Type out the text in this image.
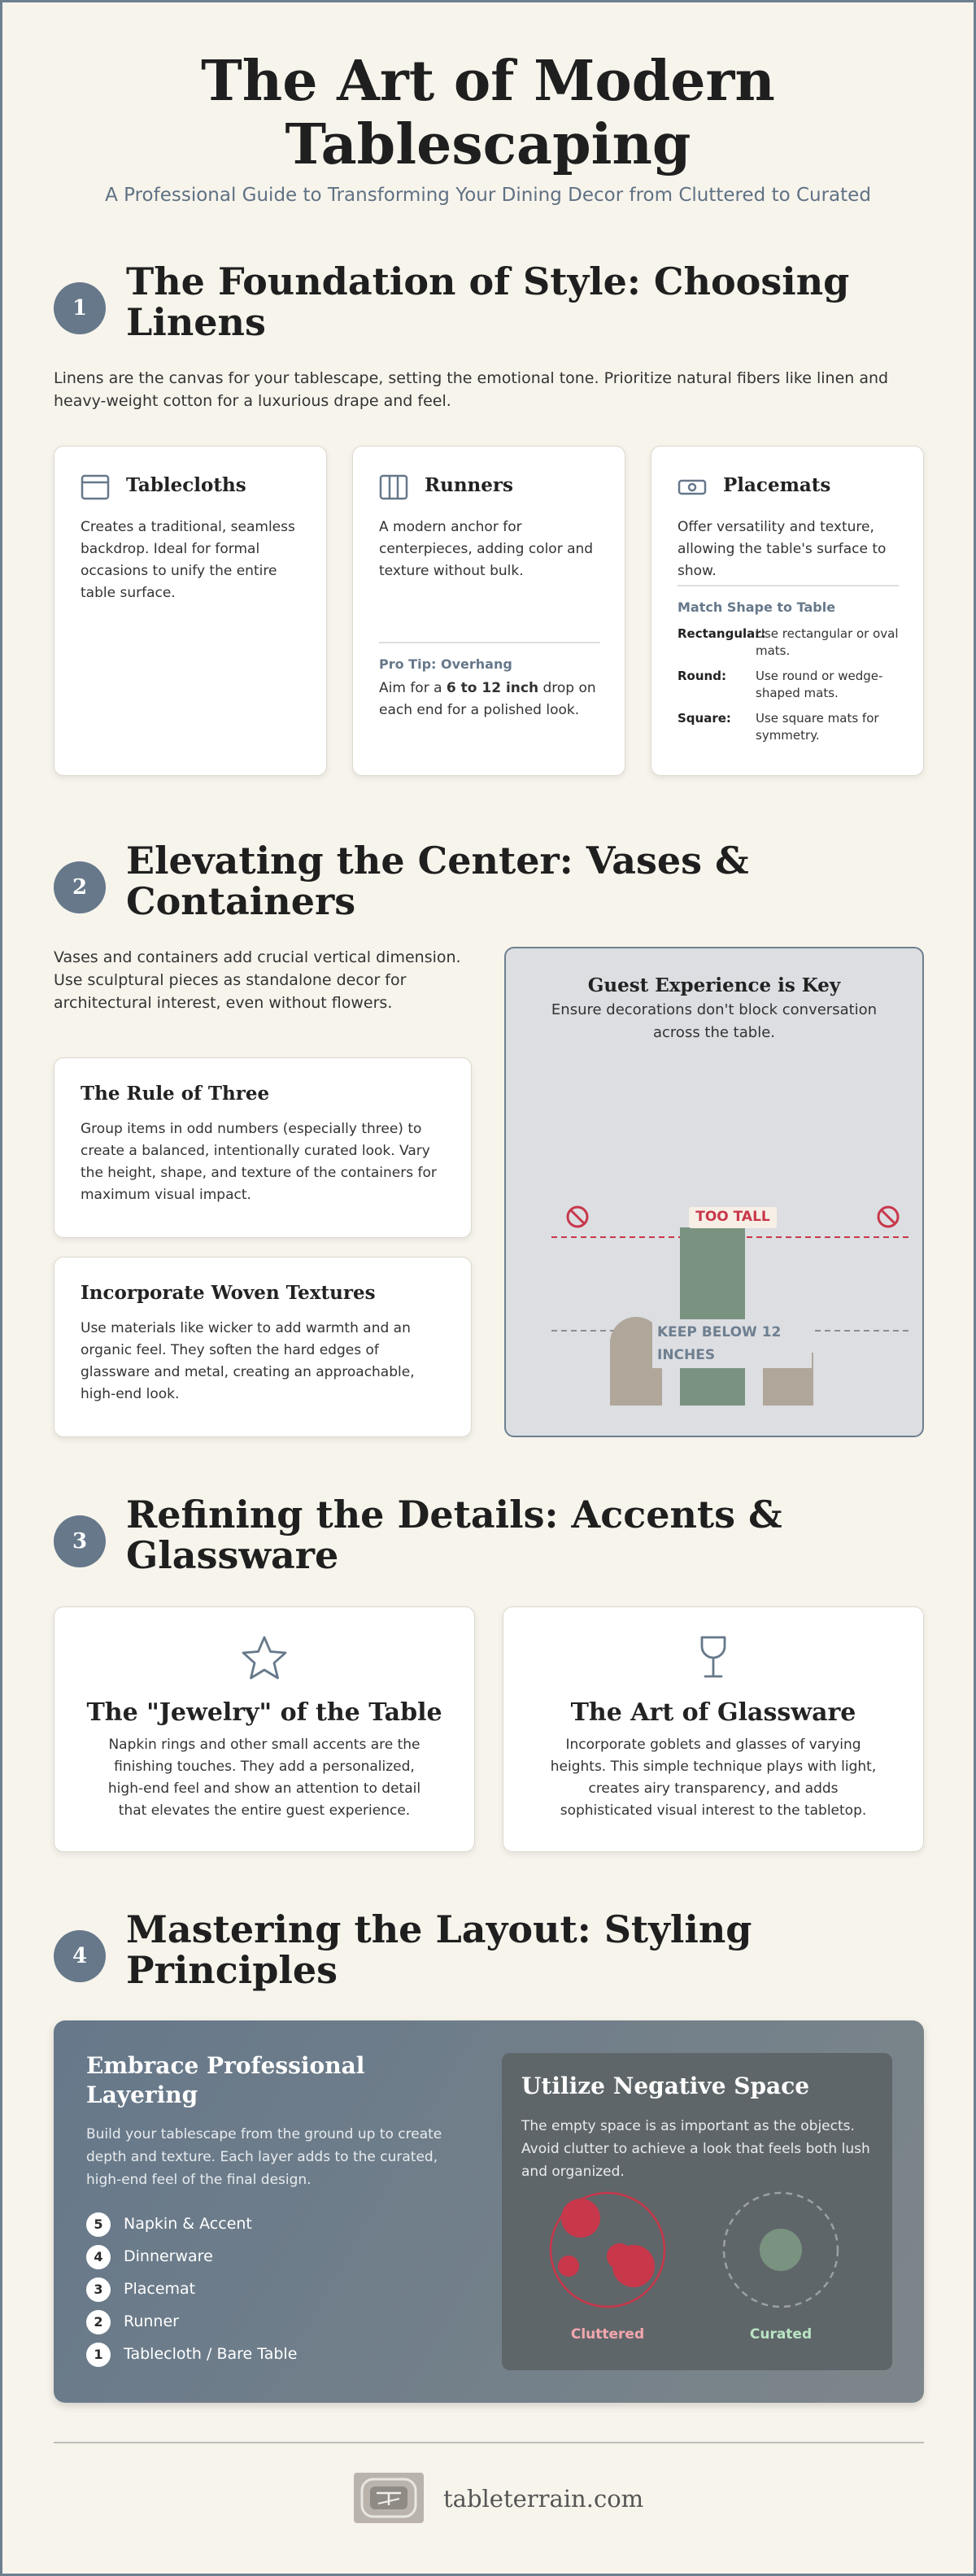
The Art of Modern
Tablescaping
A Professional Guide to Transforming Your Dining Decor from Cluttered to Curated
1
The Foundation of Style: Choosing
Linens
Linens are the canvas for your tablescape, setting the emotional tone. Prioritize natural fibers like linen and heavy-weight cotton for a luxurious drape and feel.
Tablecloths
Creates a traditional, seamless backdrop. Ideal for formal occasions to unify the entire table surface.
Runners
A modern anchor for centerpieces, adding color and texture without bulk.
Pro Tip: Overhang
Aim for a 6 to 12 inch drop on each end for a polished look.
Placemats
Offer versatility and texture, allowing the table's surface to show.
Match Shape to Table
Rectangular:
Use rectangular or oval mats.
Round: Use round or wedge-shaped mats.
Square: Use square mats for symmetry.
2
Elevating the Center: Vases &
Containers
Vases and containers add crucial vertical dimension. Use sculptural pieces as standalone decor for architectural interest, even without flowers.
The Rule of Three
Group items in odd numbers (especially three) to create a balanced, intentionally curated look. Vary the height, shape, and texture of the containers for maximum visual impact.
Incorporate Woven Textures
Use materials like wicker to add warmth and an organic feel. They soften the hard edges of glassware and metal, creating an approachable, high-end look.
Guest Experience is Key
Ensure decorations don't block conversation across the table.
TOO TALL
KEEP BELOW 12
INCHES
3
Refining the Details: Accents &
Glassware
The "Jewelry" of the Table
Napkin rings and other small accents are the finishing touches. They add a personalized, high-end feel and show an attention to detail that elevates the entire guest experience.
The Art of Glassware
Incorporate goblets and glasses of varying heights. This simple technique plays with light, creates airy transparency, and adds sophisticated visual interest to the tabletop.
4
Mastering the Layout: Styling
Principles
Embrace Professional Layering
Build your tablescape from the ground up to create depth and texture. Each layer adds to the curated, high-end feel of the final design.
5	Napkin & Accent
4	Dinnerware
3	Placemat
2	Runner
1	Tablecloth / Bare Table
Utilize Negative Space
The empty space is as important as the objects. Avoid clutter to achieve a look that feels both lush and organized.
Cluttered	Curated
tableterrain.com
